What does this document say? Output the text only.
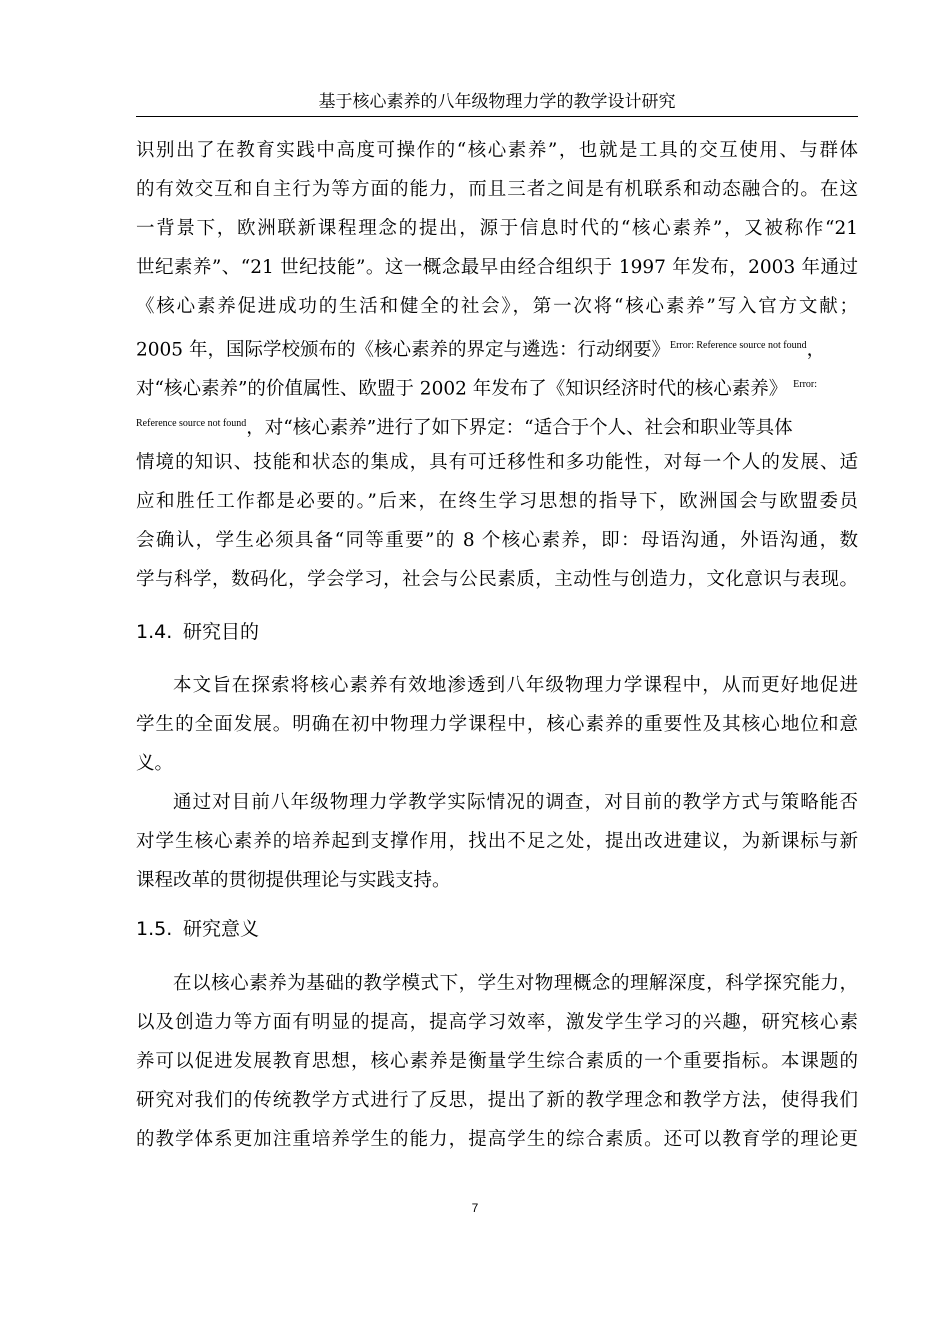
基于核心素养的八年级物理力学的教学设计研究
识别出了在教育实践中高度可操作的“核心素养”，也就是工具的交互使用、与群体
的有效交互和自主行为等方面的能力，而且三者之间是有机联系和动态融合的。在这
一背景下，欧洲联新课程理念的提出，源于信息时代的“核心素养”，又被称作“21
世纪素养”、“21 世纪技能”。这一概念最早由经合组织于 1997 年发布，2003 年通过
《核心素养促进成功的生活和健全的社会》，第一次将“核心素养”写入官方文献；
2005 年，国际学校颁布的《核心素养的界定与遴选：行动纲要》$^{Error: Reference source not found}$，
对“核心素养”的价值属性、欧盟于 2002 年发布了《知识经济时代的核心素养》 $^{Error:}$
$^{Reference source not found}$，对“核心素养”进行了如下界定：“适合于个人、社会和职业等具体
情境的知识、技能和状态的集成，具有可迁移性和多功能性，对每一个人的发展、适
应和胜任工作都是必要的。”后来，在终生学习思想的指导下，欧洲国会与欧盟委员
会确认，学生必须具备“同等重要”的 8 个核心素养，即：母语沟通，外语沟通，数
学与科学，数码化，学会学习，社会与公民素质，主动性与创造力，文化意识与表现。
1.4. 研究目的
本文旨在探索将核心素养有效地渗透到八年级物理力学课程中，从而更好地促进
学生的全面发展。明确在初中物理力学课程中，核心素养的重要性及其核心地位和意
义。
通过对目前八年级物理力学教学实际情况的调查，对目前的教学方式与策略能否
对学生核心素养的培养起到支撑作用，找出不足之处，提出改进建议，为新课标与新
课程改革的贯彻提供理论与实践支持。
1.5. 研究意义
在以核心素养为基础的教学模式下，学生对物理概念的理解深度，科学探究能力，
以及创造力等方面有明显的提高，提高学习效率，激发学生学习的兴趣，研究核心素
养可以促进发展教育思想，核心素养是衡量学生综合素质的一个重要指标。本课题的
研究对我们的传统教学方式进行了反思，提出了新的教学理念和教学方法，使得我们
的教学体系更加注重培养学生的能力，提高学生的综合素质。还可以教育学的理论更
7
